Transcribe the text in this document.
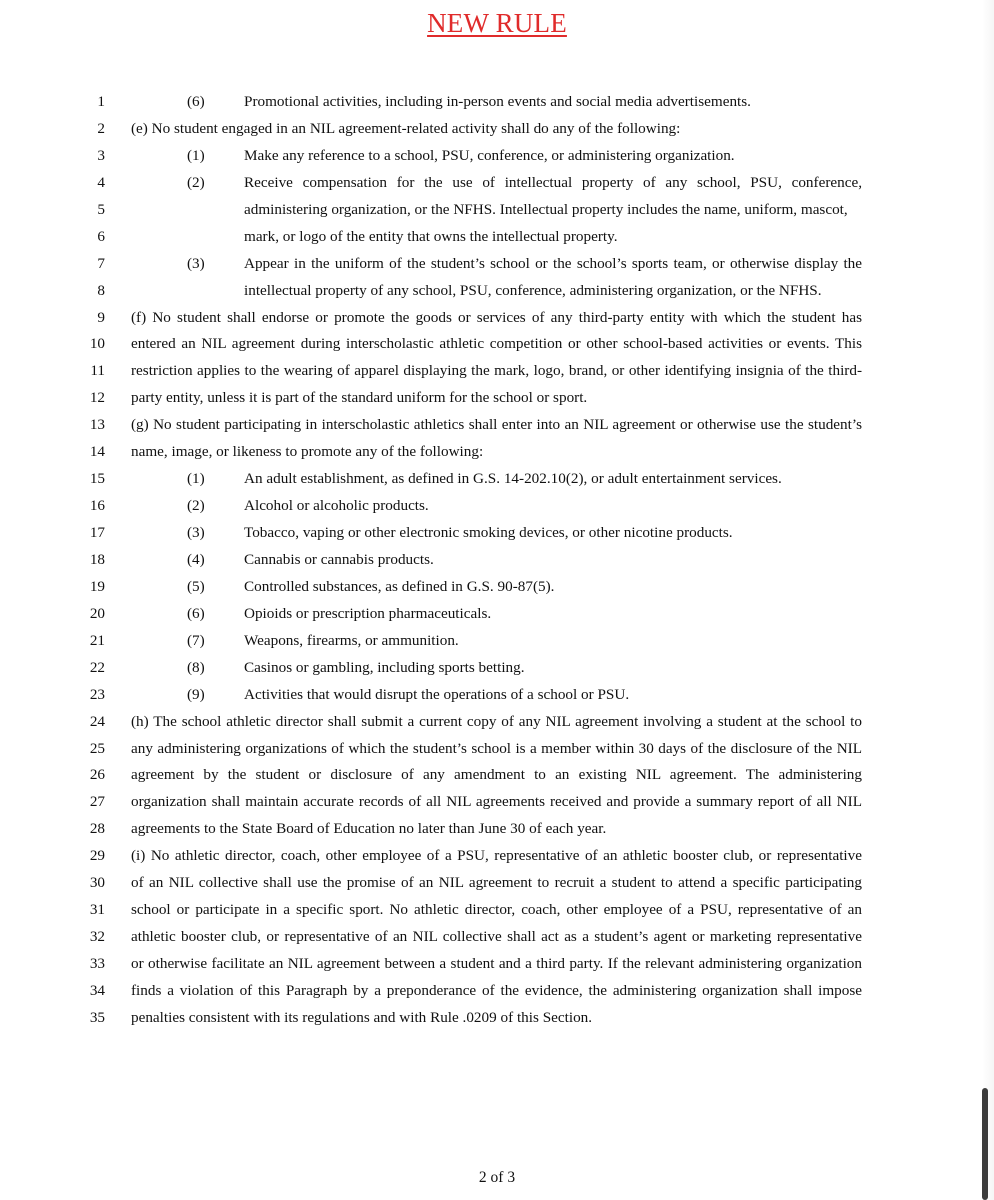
NEW RULE
1	(6)	Promotional activities, including in-person events and social media advertisements.
2 (e) No student engaged in an NIL agreement-related activity shall do any of the following:
3	(1)	Make any reference to a school, PSU, conference, or administering organization.
4	(2)	Receive compensation for the use of intellectual property of any school, PSU, conference,
5	administering organization, or the NFHS. Intellectual property includes the name, uniform, mascot,
6	mark, or logo of the entity that owns the intellectual property.
7	(3)	Appear in the uniform of the student’s school or the school’s sports team, or otherwise display the
8	intellectual property of any school, PSU, conference, administering organization, or the NFHS.
9 (f) No student shall endorse or promote the goods or services of any third-party entity with which the student has
10 entered an NIL agreement during interscholastic athletic competition or other school-based activities or events. This
11 restriction applies to the wearing of apparel displaying the mark, logo, brand, or other identifying insignia of the third-
12 party entity, unless it is part of the standard uniform for the school or sport.
13 (g) No student participating in interscholastic athletics shall enter into an NIL agreement or otherwise use the student’s
14 name, image, or likeness to promote any of the following:
15	(1)	An adult establishment, as defined in G.S. 14-202.10(2), or adult entertainment services.
16	(2)	Alcohol or alcoholic products.
17	(3)	Tobacco, vaping or other electronic smoking devices, or other nicotine products.
18	(4)	Cannabis or cannabis products.
19	(5)	Controlled substances, as defined in G.S. 90-87(5).
20	(6)	Opioids or prescription pharmaceuticals.
21	(7)	Weapons, firearms, or ammunition.
22	(8)	Casinos or gambling, including sports betting.
23	(9)	Activities that would disrupt the operations of a school or PSU.
24 (h) The school athletic director shall submit a current copy of any NIL agreement involving a student at the school to
25 any administering organizations of which the student’s school is a member within 30 days of the disclosure of the NIL
26 agreement by the student or disclosure of any amendment to an existing NIL agreement. The administering
27 organization shall maintain accurate records of all NIL agreements received and provide a summary report of all NIL
28 agreements to the State Board of Education no later than June 30 of each year.
29 (i) No athletic director, coach, other employee of a PSU, representative of an athletic booster club, or representative
30 of an NIL collective shall use the promise of an NIL agreement to recruit a student to attend a specific participating
31 school or participate in a specific sport. No athletic director, coach, other employee of a PSU, representative of an
32 athletic booster club, or representative of an NIL collective shall act as a student’s agent or marketing representative
33 or otherwise facilitate an NIL agreement between a student and a third party. If the relevant administering organization
34 finds a violation of this Paragraph by a preponderance of the evidence, the administering organization shall impose
35 penalties consistent with its regulations and with Rule .0209 of this Section.
2 of 3
